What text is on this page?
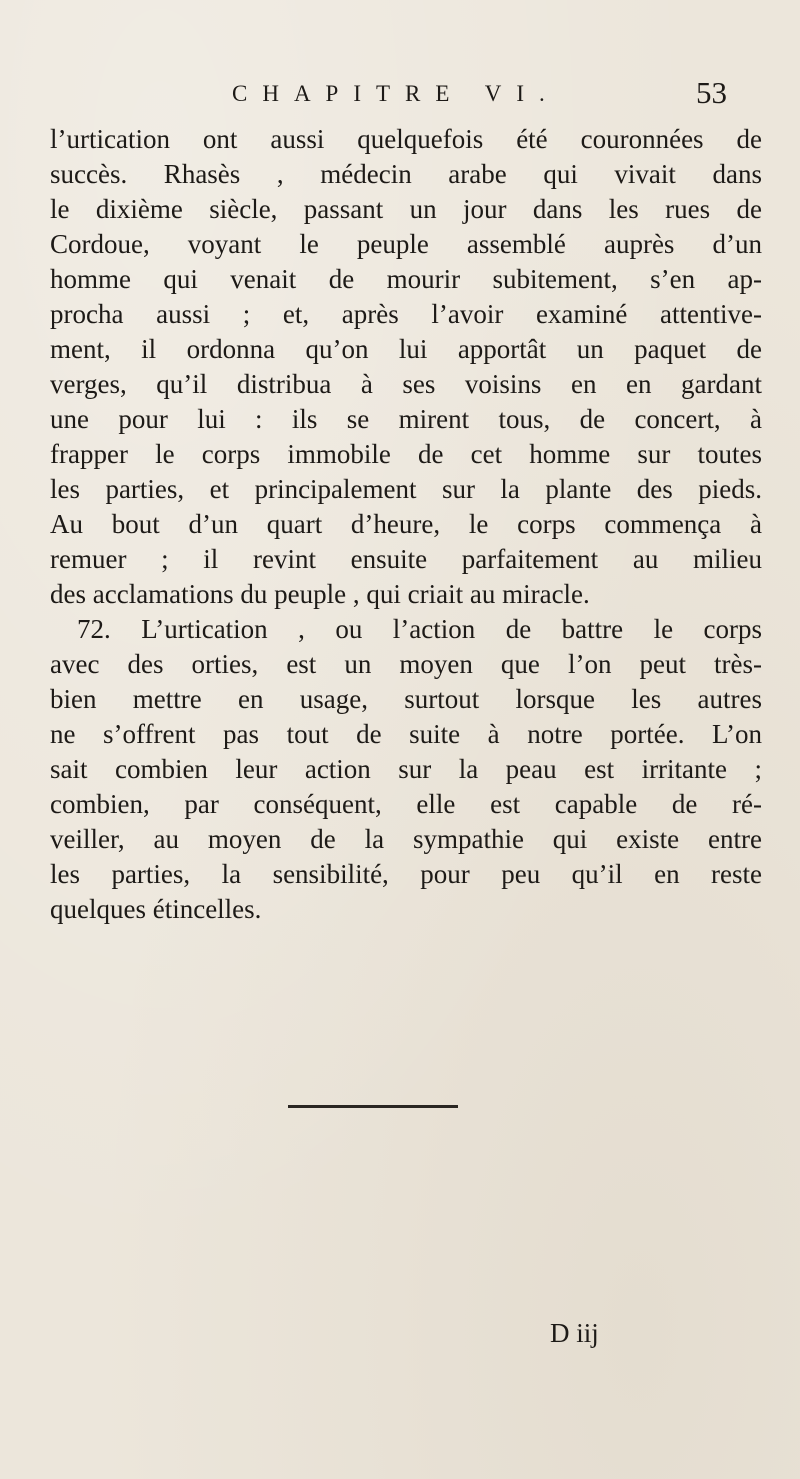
CHAPITRE VI.	53
l’urtication ont aussi quelquefois été couronnées de
succès. Rhasès , médecin arabe qui vivait dans
le dixième siècle, passant un jour dans les rues de
Cordoue, voyant le peuple assemblé auprès d’un
homme qui venait de mourir subitement, s’en ap-
procha aussi ; et, après l’avoir examiné attentive-
ment, il ordonna qu’on lui apportât un paquet de
verges, qu’il distribua à ses voisins en en gardant
une pour lui : ils se mirent tous, de concert, à
frapper le corps immobile de cet homme sur toutes
les parties, et principalement sur la plante des pieds.
Au bout d’un quart d’heure, le corps commença à
remuer ; il revint ensuite parfaitement au milieu
des acclamations du peuple , qui criait au miracle.
72. L’urtication , ou l’action de battre le corps
avec des orties, est un moyen que l’on peut très-
bien mettre en usage, surtout lorsque les autres
ne s’offrent pas tout de suite à notre portée. L’on
sait combien leur action sur la peau est irritante ;
combien, par conséquent, elle est capable de ré-
veiller, au moyen de la sympathie qui existe entre
les parties, la sensibilité, pour peu qu’il en reste
quelques étincelles.
D iij
